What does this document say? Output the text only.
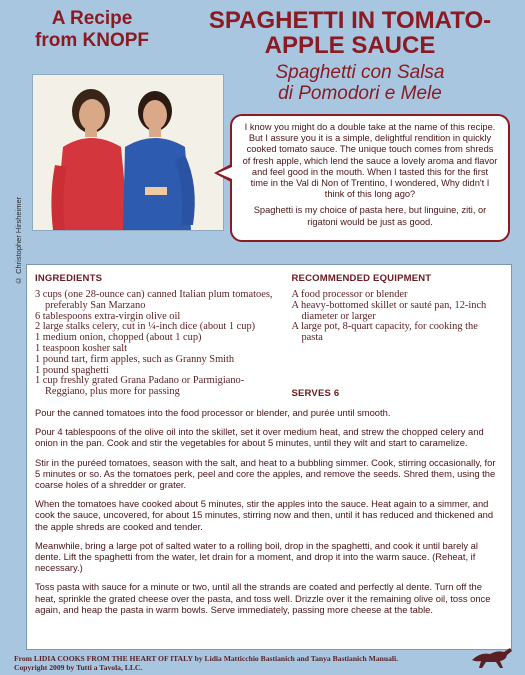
A Recipe
from KNOPF
SPAGHETTI IN TOMATO-
APPLE SAUCE
Spaghetti con Salsa
di Pomodori e Mele
© Christopher Hirsheimer

I know you might do a double take at the name of this recipe. But I assure you it is a simple, delightful rendition in quickly cooked tomato sauce. The unique touch comes from shreds of fresh apple, which lend the sauce a lovely aroma and flavor and feel good in the mouth. When I tasted this for the first time in the Val di Non of Trentino, I wondered, Why didn't I think of this long ago?

Spaghetti is my choice of pasta here, but linguine, ziti, or rigatoni would be just as good.

INGREDIENTS
3 cups (one 28-ounce can) canned Italian plum tomatoes, preferably San Marzano
6 tablespoons extra-virgin olive oil
2 large stalks celery, cut in ¼-inch dice (about 1 cup)
1 medium onion, chopped (about 1 cup)
1 teaspoon kosher salt
1 pound tart, firm apples, such as Granny Smith
1 pound spaghetti
1 cup freshly grated Grana Padano or Parmigiano-Reggiano, plus more for passing
RECOMMENDED EQUIPMENT
A food processor or blender
A heavy-bottomed skillet or sauté pan, 12-inch diameter or larger
A large pot, 8-quart capacity, for cooking the pasta
SERVES 6

Pour the canned tomatoes into the food processor or blender, and purée until smooth.

Pour 4 tablespoons of the olive oil into the skillet, set it over medium heat, and strew the chopped celery and onion in the pan. Cook and stir the vegetables for about 5 minutes, until they wilt and start to caramelize.

Stir in the puréed tomatoes, season with the salt, and heat to a bubbling simmer. Cook, stirring occasionally, for 5 minutes or so. As the tomatoes perk, peel and core the apples, and remove the seeds. Shred them, using the coarse holes of a shredder or grater.

When the tomatoes have cooked about 5 minutes, stir the apples into the sauce. Heat again to a simmer, and cook the sauce, uncovered, for about 15 minutes, stirring now and then, until it has reduced and thickened and the apple shreds are cooked and tender.

Meanwhile, bring a large pot of salted water to a rolling boil, drop in the spaghetti, and cook it until barely al dente. Lift the spaghetti from the water, let drain for a moment, and drop it into the warm sauce. (Reheat, if necessary.)

Toss pasta with sauce for a minute or two, until all the strands are coated and perfectly al dente. Turn off the heat, sprinkle the grated cheese over the pasta, and toss well. Drizzle over it the remaining olive oil, toss once again, and heap the pasta in warm bowls. Serve immediately, passing more cheese at the table.

From LIDIA COOKS FROM THE HEART OF ITALY by Lidia Matticchio Bastianich and Tanya Bastianich Manuali.
Copyright 2009 by Tutti a Tavola, LLC.
